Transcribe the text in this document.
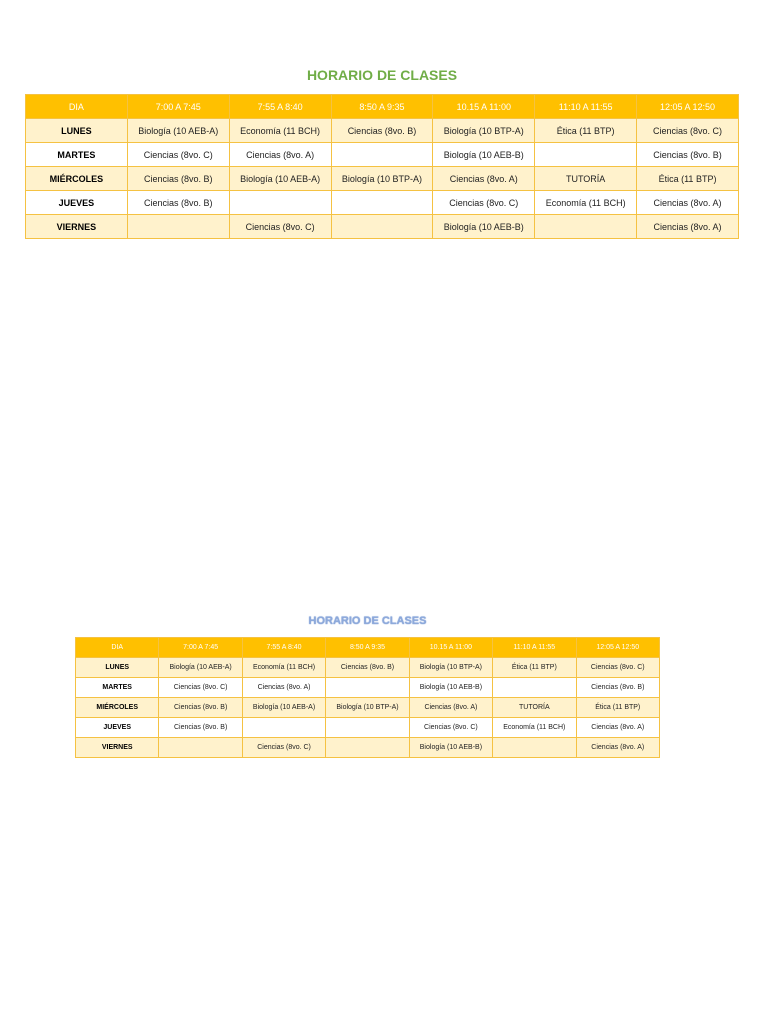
HORARIO DE CLASES
DIA	7:00 A 7:45	7:55 A 8:40	8:50 A 9:35	10.15 A 11:00	11:10 A 11:55	12:05 A 12:50
LUNES	Biología (10 AEB-A)	Economía (11 BCH)	Ciencias (8vo. B)	Biología (10 BTP-A)	Ética (11 BTP)	Ciencias (8vo. C)
MARTES	Ciencias (8vo. C)	Ciencias (8vo. A)		Biología (10 AEB-B)		Ciencias (8vo. B)
MIÉRCOLES	Ciencias (8vo. B)	Biología (10 AEB-A)	Biología (10 BTP-A)	Ciencias (8vo. A)	TUTORÍA	Ética (11 BTP)
JUEVES	Ciencias (8vo. B)			Ciencias (8vo. C)	Economía (11 BCH)	Ciencias (8vo. A)
VIERNES		Ciencias (8vo. C)		Biología (10 AEB-B)		Ciencias (8vo. A)
HORARIO DE CLASES
DIA	7:00 A 7:45	7:55 A 8:40	8:50 A 9:35	10.15 A 11:00	11:10 A 11:55	12:05 A 12:50
LUNES	Biología (10 AEB-A)	Economía (11 BCH)	Ciencias (8vo. B)	Biología (10 BTP-A)	Ética (11 BTP)	Ciencias (8vo. C)
MARTES	Ciencias (8vo. C)	Ciencias (8vo. A)		Biología (10 AEB-B)		Ciencias (8vo. B)
MIÉRCOLES	Ciencias (8vo. B)	Biología (10 AEB-A)	Biología (10 BTP-A)	Ciencias (8vo. A)	TUTORÍA	Ética (11 BTP)
JUEVES	Ciencias (8vo. B)			Ciencias (8vo. C)	Economía (11 BCH)	Ciencias (8vo. A)
VIERNES		Ciencias (8vo. C)		Biología (10 AEB-B)		Ciencias (8vo. A)
